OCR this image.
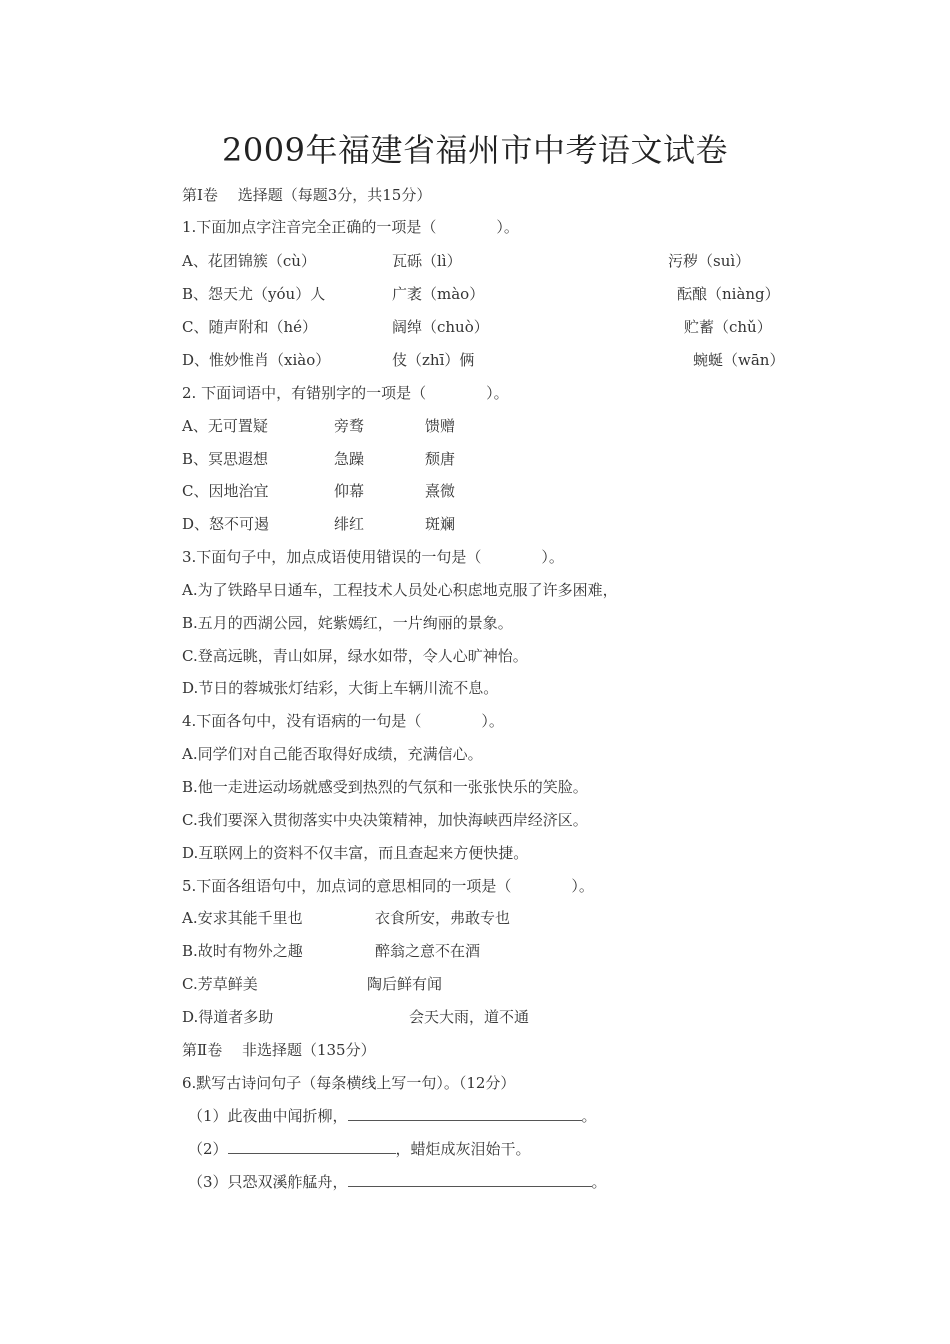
2009年福建省福州市中考语文试卷
第Ⅰ卷　 选择题（每题3分，共15分）
1.下面加点字注音完全正确的一项是（　　　　）。
A、花团锦簇（cù）	瓦砾（lì）	污秽（suì）
B、怨天尤（yóu）人	广袤（mào）	酝酿（niàng）
C、随声附和（hé）	阔绰（chuò）	贮蓄（chǔ）
D、惟妙惟肖（xiào）	伎（zhī）俩	蜿蜒（wān）
2. 下面词语中，有错别字的一项是（　　　　）。
A、无可置疑	旁骛	馈赠
B、冥思遐想	急躁	颓唐
C、因地治宜	仰幕	熹微
D、怒不可遏	绯红	斑斓
3.下面句子中，加点成语使用错误的一句是（　　　　）。
A.为了铁路早日通车，工程技术人员处心积虑地克服了许多困难，
B.五月的西湖公园，姹紫嫣红，一片绚丽的景象。
C.登高远眺，青山如屏，绿水如带，令人心旷神怡。
D.节日的蓉城张灯结彩，大街上车辆川流不息。
4.下面各句中，没有语病的一句是（　　　　）。
A.同学们对自己能否取得好成绩，充满信心。
B.他一走进运动场就感受到热烈的气氛和一张张快乐的笑脸。
C.我们要深入贯彻落实中央决策精神，加快海峡西岸经济区。
D.互联网上的资料不仅丰富，而且查起来方便快捷。
5.下面各组语句中，加点词的意思相同的一项是（　　　　）。
A.安求其能千里也	衣食所安，弗敢专也
B.故时有物外之趣	醉翁之意不在酒
C.芳草鲜美	陶后鲜有闻
D.得道者多助	会天大雨，道不通
第Ⅱ卷　 非选择题（135分）
6.默写古诗问句子（每条横线上写一句）。（12分）
（1）此夜曲中闻折柳，	。
（2）	，蜡炬成灰泪始干。
（3）只恐双溪舴艋舟，	。
